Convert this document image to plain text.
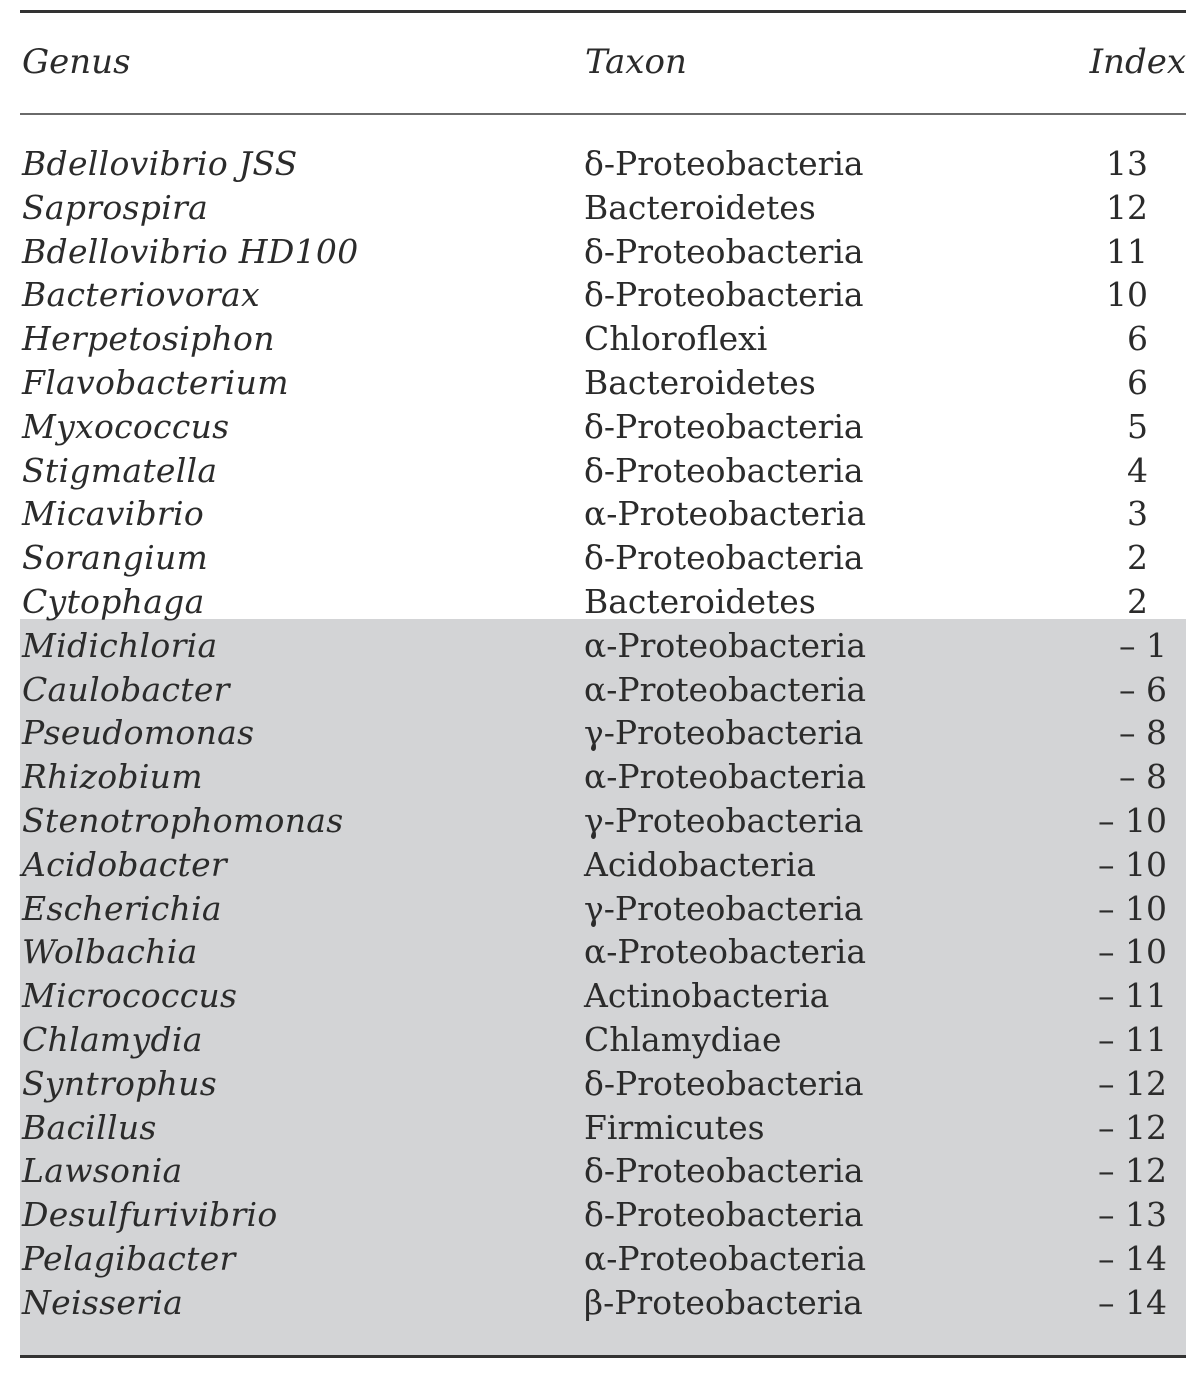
Genus	Taxon	Index
Bdellovibrio JSS	δ-Proteobacteria	13
Saprospira	Bacteroidetes	12
Bdellovibrio HD100	δ-Proteobacteria	11
Bacteriovorax	δ-Proteobacteria	10
Herpetosiphon	Chloroflexi	6
Flavobacterium	Bacteroidetes	6
Myxococcus	δ-Proteobacteria	5
Stigmatella	δ-Proteobacteria	4
Micavibrio	α-Proteobacteria	3
Sorangium	δ-Proteobacteria	2
Cytophaga	Bacteroidetes	2
Midichloria	α-Proteobacteria	– 1
Caulobacter	α-Proteobacteria	– 6
Pseudomonas	γ-Proteobacteria	– 8
Rhizobium	α-Proteobacteria	– 8
Stenotrophomonas	γ-Proteobacteria	– 10
Acidobacter	Acidobacteria	– 10
Escherichia	γ-Proteobacteria	– 10
Wolbachia	α-Proteobacteria	– 10
Micrococcus	Actinobacteria	– 11
Chlamydia	Chlamydiae	– 11
Syntrophus	δ-Proteobacteria	– 12
Bacillus	Firmicutes	– 12
Lawsonia	δ-Proteobacteria	– 12
Desulfurivibrio	δ-Proteobacteria	– 13
Pelagibacter	α-Proteobacteria	– 14
Neisseria	β-Proteobacteria	– 14
